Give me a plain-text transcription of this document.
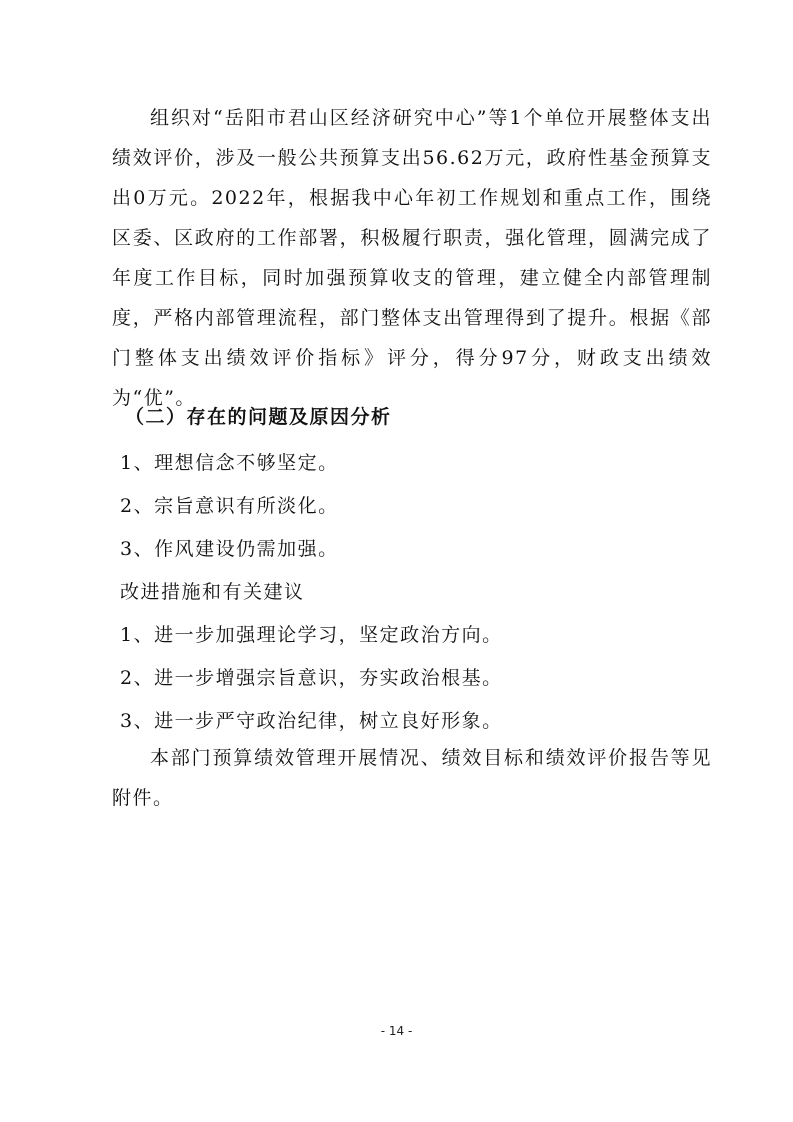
组织对“岳阳市君山区经济研究中心”等1个单位开展整体支出绩效评价，涉及一般公共预算支出56.62万元，政府性基金预算支出0万元。2022年，根据我中心年初工作规划和重点工作，围绕区委、区政府的工作部署，积极履行职责，强化管理，圆满完成了年度工作目标，同时加强预算收支的管理，建立健全内部管理制度，严格内部管理流程，部门整体支出管理得到了提升。根据《部门整体支出绩效评价指标》评分，得分97分，财政支出绩效为“优”。

（二）存在的问题及原因分析
1、理想信念不够坚定。
2、宗旨意识有所淡化。
3、作风建设仍需加强。
改进措施和有关建议
1、进一步加强理论学习，坚定政治方向。
2、进一步增强宗旨意识，夯实政治根基。
3、进一步严守政治纪律，树立良好形象。

本部门预算绩效管理开展情况、绩效目标和绩效评价报告等见附件。

- 14 -
